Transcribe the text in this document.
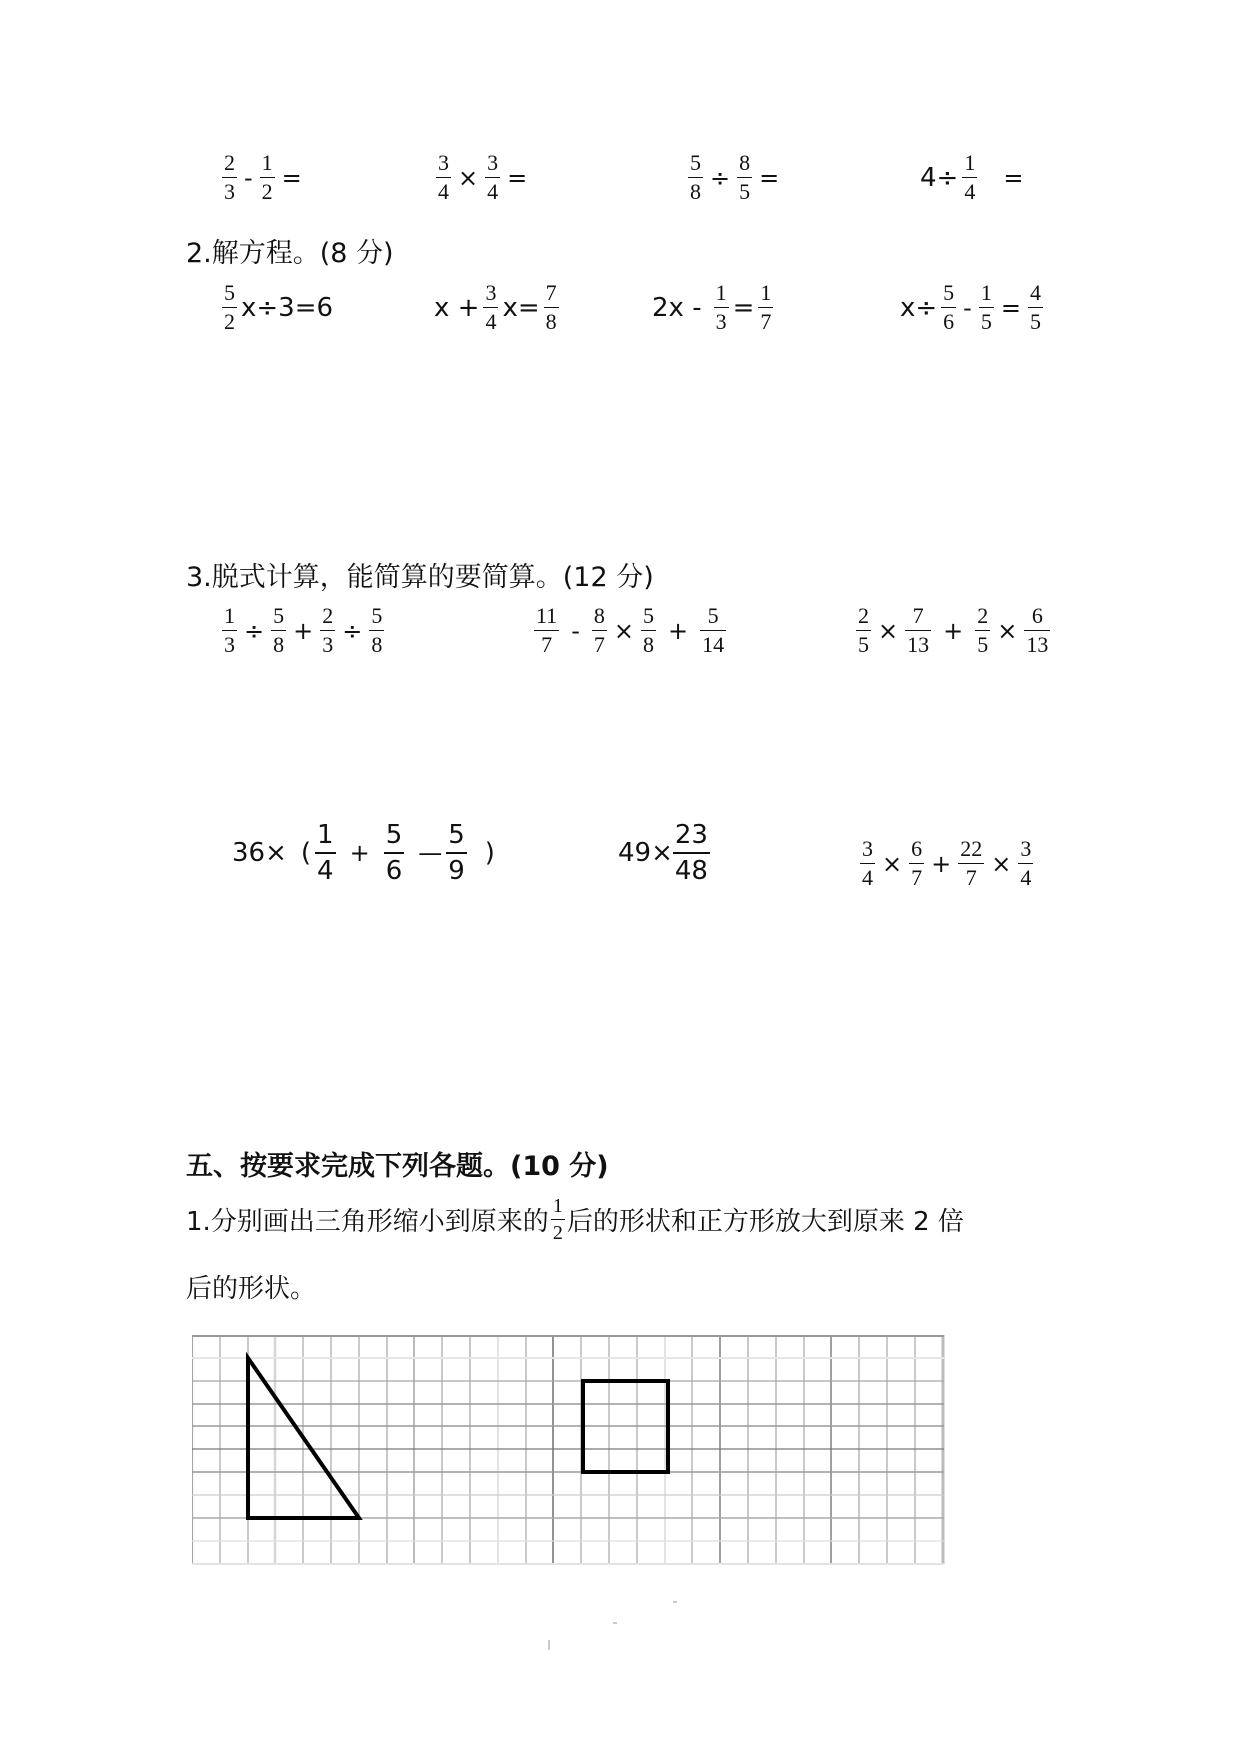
$\frac{2}{3} - \frac{1}{2}$ =	$\frac{3}{4} \times \frac{3}{4}$ =	$\frac{5}{8} \div \frac{8}{5}$ =	$4\div \frac{1}{4}$ =
2.解方程。(8 分)
$\frac{5}{2} x\div 3=6$	$x + \frac{3}{4} x= \frac{7}{8}$	$2x - \frac{1}{3} = \frac{1}{7}$	$x\div \frac{5}{6} - \frac{1}{5} = \frac{4}{5}$
3.脱式计算，能简算的要简算。(12 分)
$\frac{1}{3} \div \frac{5}{8} + \frac{2}{3} \div \frac{5}{8}$	$\frac{11}{7} - \frac{8}{7} \times \frac{5}{8} + \frac{5}{14}$	$\frac{2}{5} \times \frac{7}{13} + \frac{2}{5} \times \frac{6}{13}$
36× ( $\frac{1}{4} + \frac{5}{6}$ — $\frac{5}{9}$ )	$49\times \frac{23}{48}$	$\frac{3}{4} \times \frac{6}{7} + \frac{22}{7} \times \frac{3}{4}$
五、按要求完成下列各题。(10 分)
1.分别画出三角形缩小到原来的 $\frac{1}{2}$ 后的形状和正方形放大到原来 2 倍
后的形状。
